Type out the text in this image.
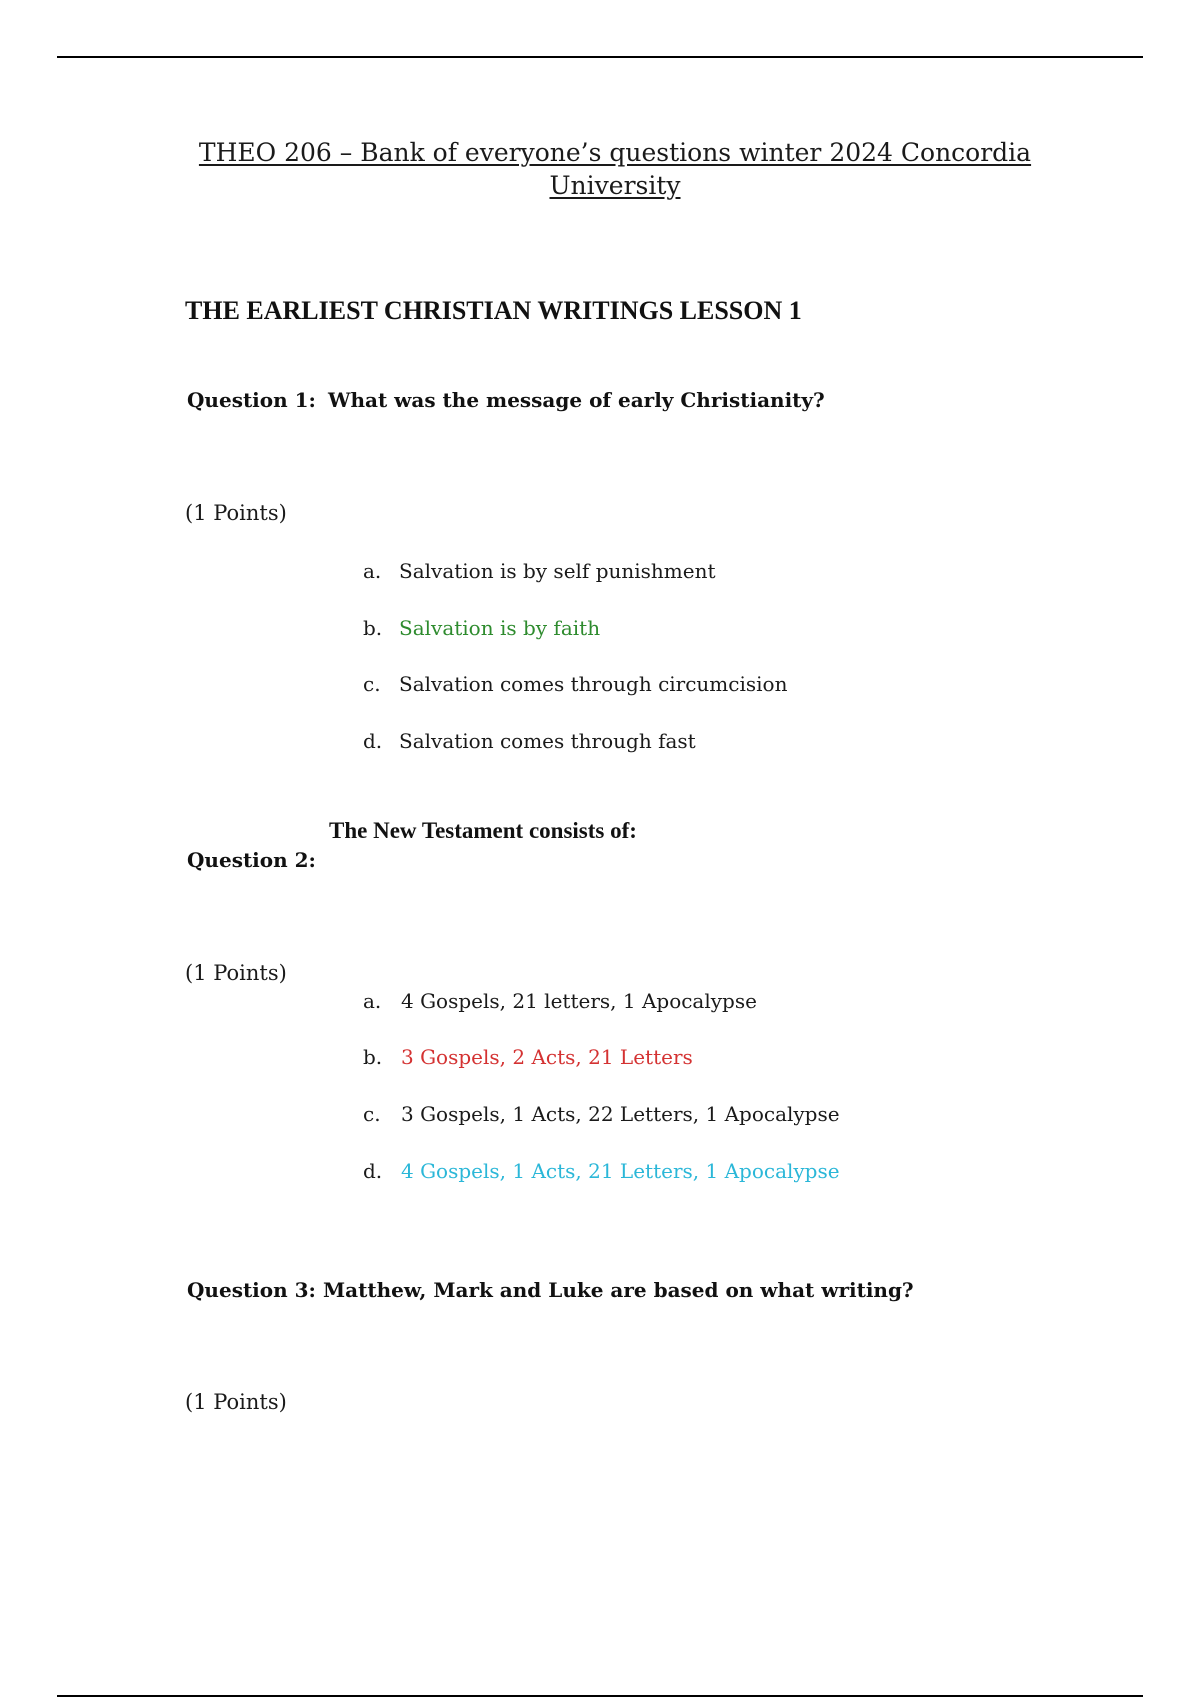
THEO 206 – Bank of everyone’s questions winter 2024 Concordia
University
THE EARLIEST CHRISTIAN WRITINGS LESSON 1
Question 1: What was the message of early Christianity?
(1 Points)
a. Salvation is by self punishment
b. Salvation is by faith
c. Salvation comes through circumcision
d. Salvation comes through fast
The New Testament consists of:
Question 2:
(1 Points)
a. 4 Gospels, 21 letters, 1 Apocalypse
b. 3 Gospels, 2 Acts, 21 Letters
c. 3 Gospels, 1 Acts, 22 Letters, 1 Apocalypse
d. 4 Gospels, 1 Acts, 21 Letters, 1 Apocalypse
Question 3: Matthew, Mark and Luke are based on what writing?
(1 Points)
